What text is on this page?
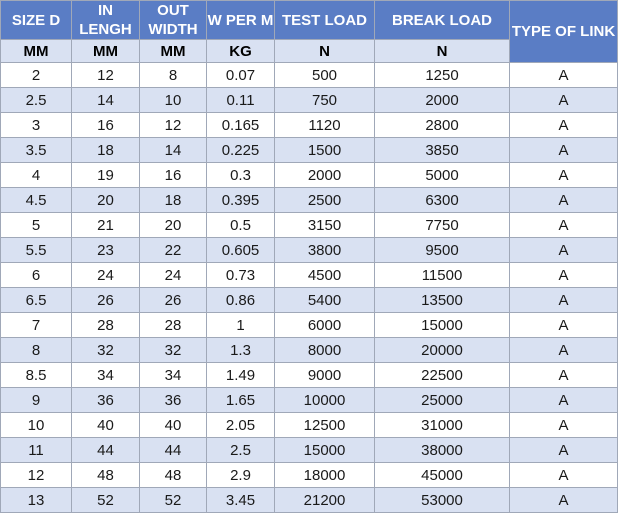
SIZE D	IN LENGH	OUT WIDTH	W PER M	TEST LOAD	BREAK LOAD	TYPE OF LINK
MM	MM	MM	KG	N	N	
2	12	8	0.07	500	1250	A
2.5	14	10	0.11	750	2000	A
3	16	12	0.165	1120	2800	A
3.5	18	14	0.225	1500	3850	A
4	19	16	0.3	2000	5000	A
4.5	20	18	0.395	2500	6300	A
5	21	20	0.5	3150	7750	A
5.5	23	22	0.605	3800	9500	A
6	24	24	0.73	4500	11500	A
6.5	26	26	0.86	5400	13500	A
7	28	28	1	6000	15000	A
8	32	32	1.3	8000	20000	A
8.5	34	34	1.49	9000	22500	A
9	36	36	1.65	10000	25000	A
10	40	40	2.05	12500	31000	A
11	44	44	2.5	15000	38000	A
12	48	48	2.9	18000	45000	A
13	52	52	3.45	21200	53000	A
